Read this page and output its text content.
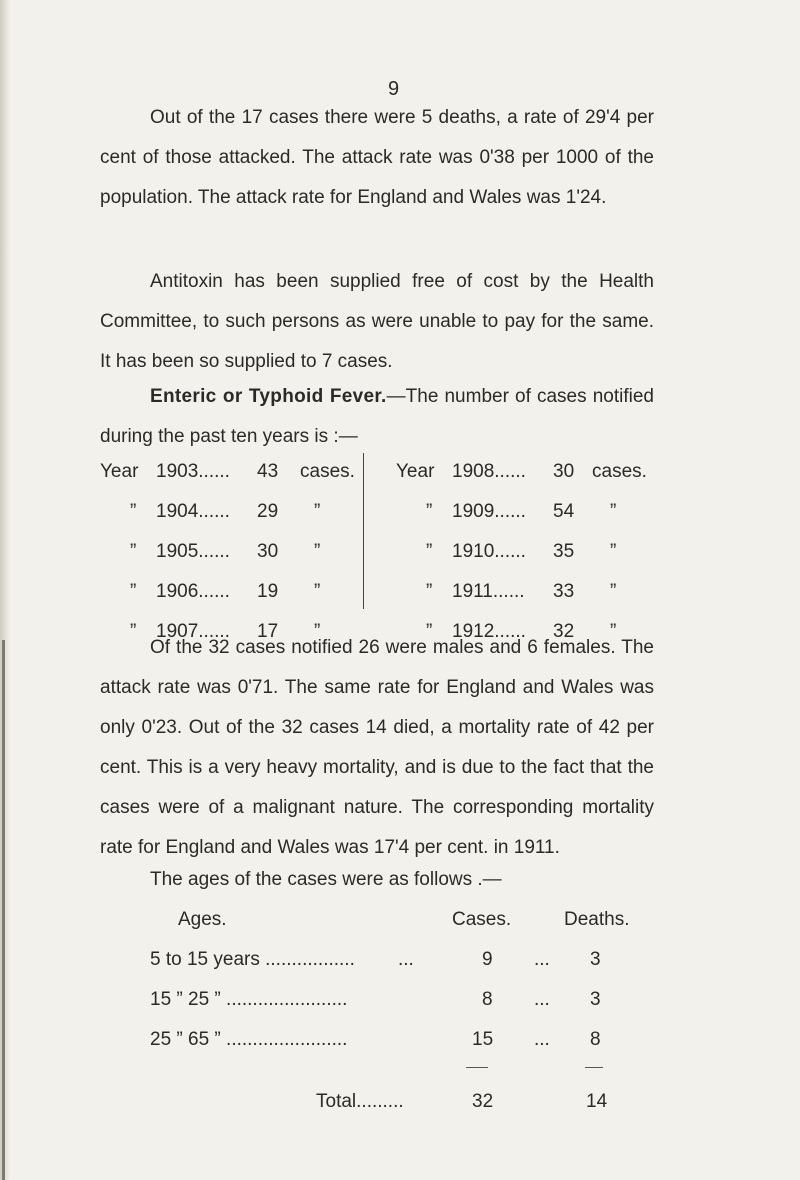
9
Out of the 17 cases there were 5 deaths, a rate of 29'4 per cent of those attacked. The attack rate was 0'38 per 1000 of the population. The attack rate for England and Wales was 1'24.
Antitoxin has been supplied free of cost by the Health Committee, to such persons as were unable to pay for the same. It has been so supplied to 7 cases.
Enteric or Typhoid Fever.—The number of cases notified during the past ten years is :—
Year 1903...... 43 cases.
” 1904...... 29 ”
” 1905...... 30 ”
” 1906...... 19 ”
” 1907...... 17 ”
Year 1908...... 30 cases.
” 1909...... 54 ”
” 1910...... 35 ”
” 1911...... 33 ”
” 1912...... 32 ”
Of the 32 cases notified 26 were males and 6 females. The attack rate was 0'71. The same rate for England and Wales was only 0'23. Out of the 32 cases 14 died, a mortality rate of 42 per cent. This is a very heavy mortality, and is due to the fact that the cases were of a malignant nature. The corresponding mortality rate for England and Wales was 17'4 per cent. in 1911.
The ages of the cases were as follows .—
Ages.	Cases.	Deaths.
5 to 15 years ................. ...	9 ... 3
15 ” 25 ” .......................	8 ... 3
25 ” 65 ” .......................	15 ... 8
Total.........	32	14
